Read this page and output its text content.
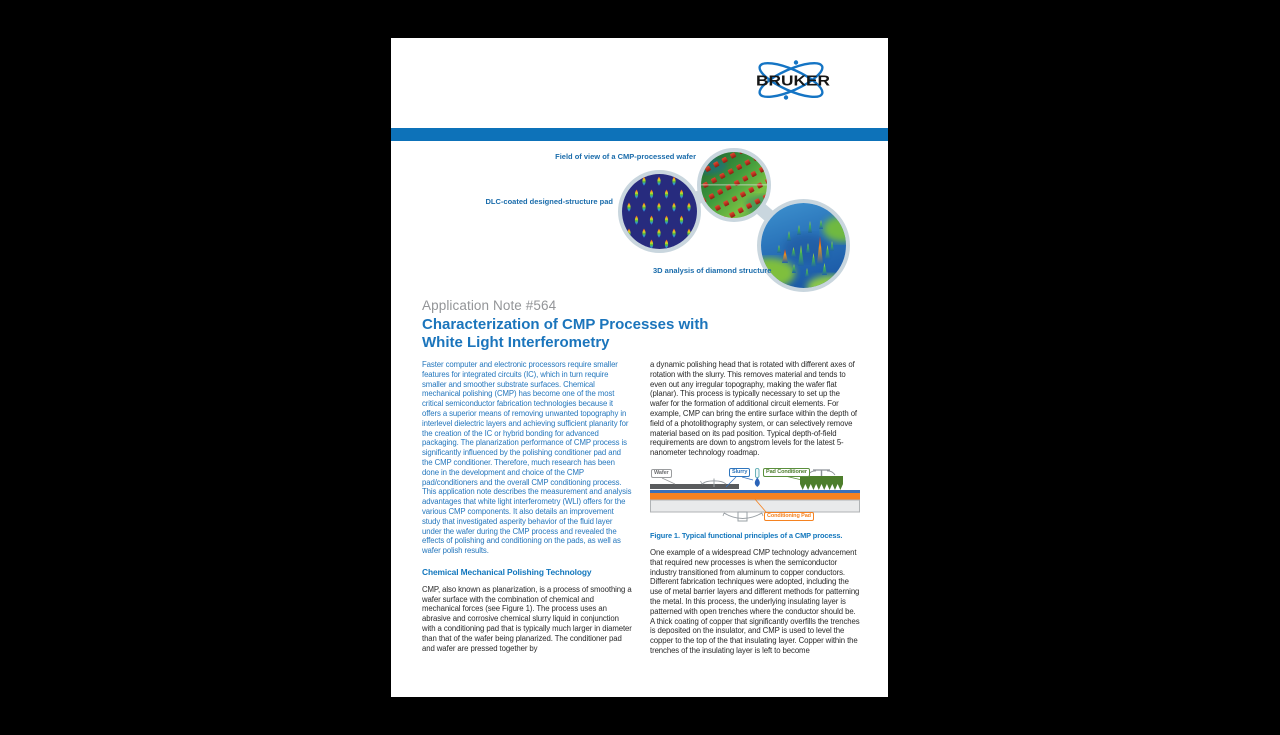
BRUKER
Field of view of a CMP-processed wafer
DLC-coated designed-structure pad
3D analysis of diamond structure
Application Note #564
Characterization of CMP Processes with
White Light Interferometry

Faster computer and electronic processors require smaller features for integrated circuits (IC), which in turn require smaller and smoother substrate surfaces. Chemical mechanical polishing (CMP) has become one of the most critical semiconductor fabrication technologies because it offers a superior means of removing unwanted topography in interlevel dielectric layers and achieving sufficient planarity for the creation of the IC or hybrid bonding for advanced packaging. The planarization performance of CMP process is significantly influenced by the polishing conditioner pad and the CMP conditioner. Therefore, much research has been done in the development and choice of the CMP pad/conditioners and the overall CMP conditioning process. This application note describes the measurement and analysis advantages that white light interferometry (WLI) offers for the various CMP components. It also details an improvement study that investigated asperity behavior of the fluid layer under the wafer during the CMP process and revealed the effects of polishing and conditioning on the pads, as well as wafer polish results.

Chemical Mechanical Polishing Technology

CMP, also known as planarization, is a process of smoothing a wafer surface with the combination of chemical and mechanical forces (see Figure 1). The process uses an abrasive and corrosive chemical slurry liquid in conjunction with a conditioning pad that is typically much larger in diameter than that of the wafer being planarized. The conditioner pad and wafer are pressed together by

a dynamic polishing head that is rotated with different axes of rotation with the slurry. This removes material and tends to even out any irregular topography, making the wafer flat (planar). This process is typically necessary to set up the wafer for the formation of additional circuit elements. For example, CMP can bring the entire surface within the depth of field of a photolithography system, or can selectively remove material based on its pad position. Typical depth-of-field requirements are down to angstrom levels for the latest 5-nanometer technology roadmap.

Wafer	Slurry	Pad Conditioner
Conditioning Pad

Figure 1. Typical functional principles of a CMP process.

One example of a widespread CMP technology advancement that required new processes is when the semiconductor industry transitioned from aluminum to copper conductors. Different fabrication techniques were adopted, including the use of metal barrier layers and different methods for patterning the metal. In this process, the underlying insulating layer is patterned with open trenches where the conductor should be. A thick coating of copper that significantly overfills the trenches is deposited on the insulator, and CMP is used to level the copper to the top of the that insulating layer. Copper within the trenches of the insulating layer is left to become
